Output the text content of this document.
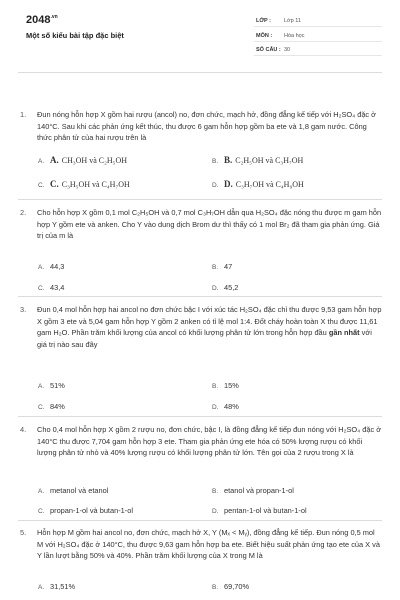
$2048^{.vn}$
Một số kiểu bài tập đặc biệt
LỚP : Lớp 11
MÔN : Hóa học
SỐ CÂU : 30
1. Đun nóng hỗn hợp X gồm hai rượu (ancol) no, đơn chức, mạch hở, đồng đẳng kế tiếp với H₂SO₄ đặc ở 140°C. Sau khi các phản ứng kết thúc, thu được 6 gam hỗn hợp gồm ba ete và 1,8 gam nước. Công thức phân tử của hai rượu trên là
A. A. CH₃OH và C₂H₅OH	B. B. C₂H₅OH và C₃H₇OH
C. C. C₃H₅OH và C₄H₇OH	D. D. C₃H₇OH và C₄H₉OH
2. Cho hỗn hợp X gồm 0,1 mol C₂H₅OH và 0,7 mol C₃H₇OH dẫn qua H₂SO₄ đặc nóng thu được m gam hỗn hợp Y gồm ete và anken. Cho Y vào dung dịch Brom dư thì thấy có 1 mol Br₂ đã tham gia phản ứng. Giá trị của m là
A. 44,3	B. 47
C. 43,4	D. 45,2
3. Đun 0,4 mol hỗn hợp hai ancol no đơn chức bậc I với xúc tác H₂SO₄ đặc chỉ thu được 9,53 gam hỗn hợp X gồm 3 ete và 5,04 gam hỗn hợp Y gồm 2 anken có tỉ lệ mol 1:4. Đốt cháy hoàn toàn X thu được 11,61 gam H₂O. Phần trăm khối lượng của ancol có khối lượng phân tử lớn trong hỗn hợp đầu gần nhất với giá trị nào sau đây
A. 51%	B. 15%
C. 84%	D. 48%
4. Cho 0,4 mol hỗn hợp X gồm 2 rượu no, đơn chức, bậc I, là đồng đẳng kế tiếp đun nóng với H₂SO₄ đặc ở 140°C thu được 7,704 gam hỗn hợp 3 ete. Tham gia phản ứng ete hóa có 50% lượng rượu có khối lượng phân tử nhỏ và 40% lượng rượu có khối lượng phân tử lớn. Tên gọi của 2 rượu trong X là
A. metanol và etanol	B. etanol và propan-1-ol
C. propan-1-ol và butan-1-ol	D. pentan-1-ol và butan-1-ol
5. Hỗn hợp M gồm hai ancol no, đơn chức, mạch hở X, Y (Mₓ < Mᵧ), đồng đẳng kế tiếp. Đun nóng 0,5 mol M với H₂SO₄ đặc ở 140°C, thu được 9,63 gam hỗn hợp ba ete. Biết hiệu suất phản ứng tạo ete của X và Y lần lượt bằng 50% và 40%. Phần trăm khối lượng của X trong M là
A. 31,51%	B. 69,70%
